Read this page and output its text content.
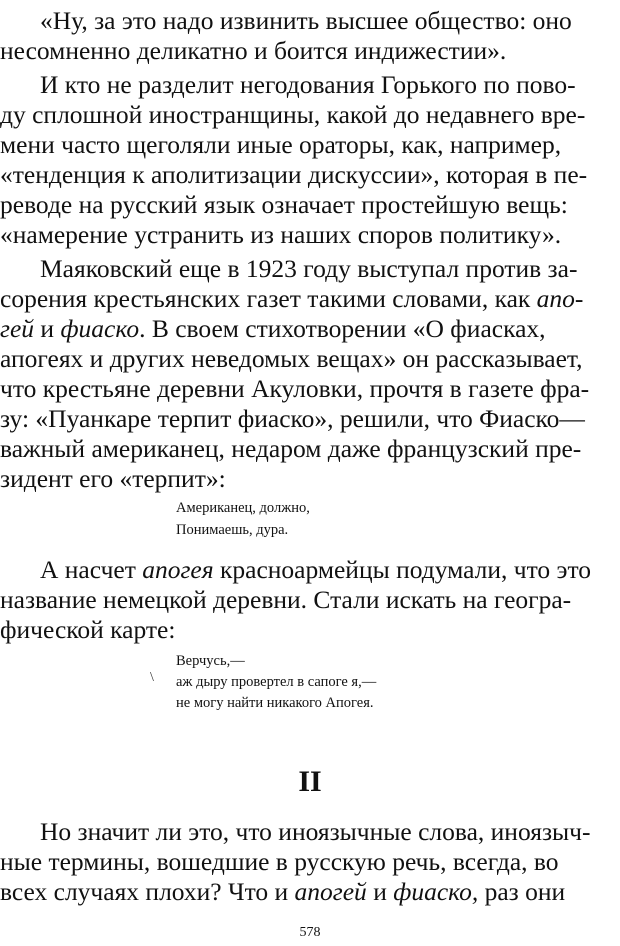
«Ну, за это надо извинить высшее общество: оно
несомненно деликатно и боится индижестии».
И кто не разделит негодования Горького по пово-
ду сплошной иностранщины, какой до недавнего вре-
мени часто щеголяли иные ораторы, как, например,
«тенденция к аполитизации дискуссии», которая в пе-
реводе на русский язык означает простейшую вещь:
«намерение устранить из наших споров политику».
Маяковский еще в 1923 году выступал против за-
сорения крестьянских газет такими словами, как апо-
гей и фиаско. В своем стихотворении «О фиасках,
апогеях и других неведомых вещах» он рассказывает,
что крестьяне деревни Акуловки, прочтя в газете фра-
зу: «Пуанкаре терпит фиаско», решили, что Фиаско—
важный американец, недаром даже французский пре-
зидент его «терпит»:
Американец, должно,
Понимаешь, дура.
А насчет апогея красноармейцы подумали, что это
название немецкой деревни. Стали искать на геогра-
фической карте:
Верчусь,—
\ аж дыру провертел в сапоге я,—
не могу найти никакого Апогея.
II
Но значит ли это, что иноязычные слова, иноязыч-
ные термины, вошедшие в русскую речь, всегда, во
всех случаях плохи? Что и апогей и фиаско, раз они
578
